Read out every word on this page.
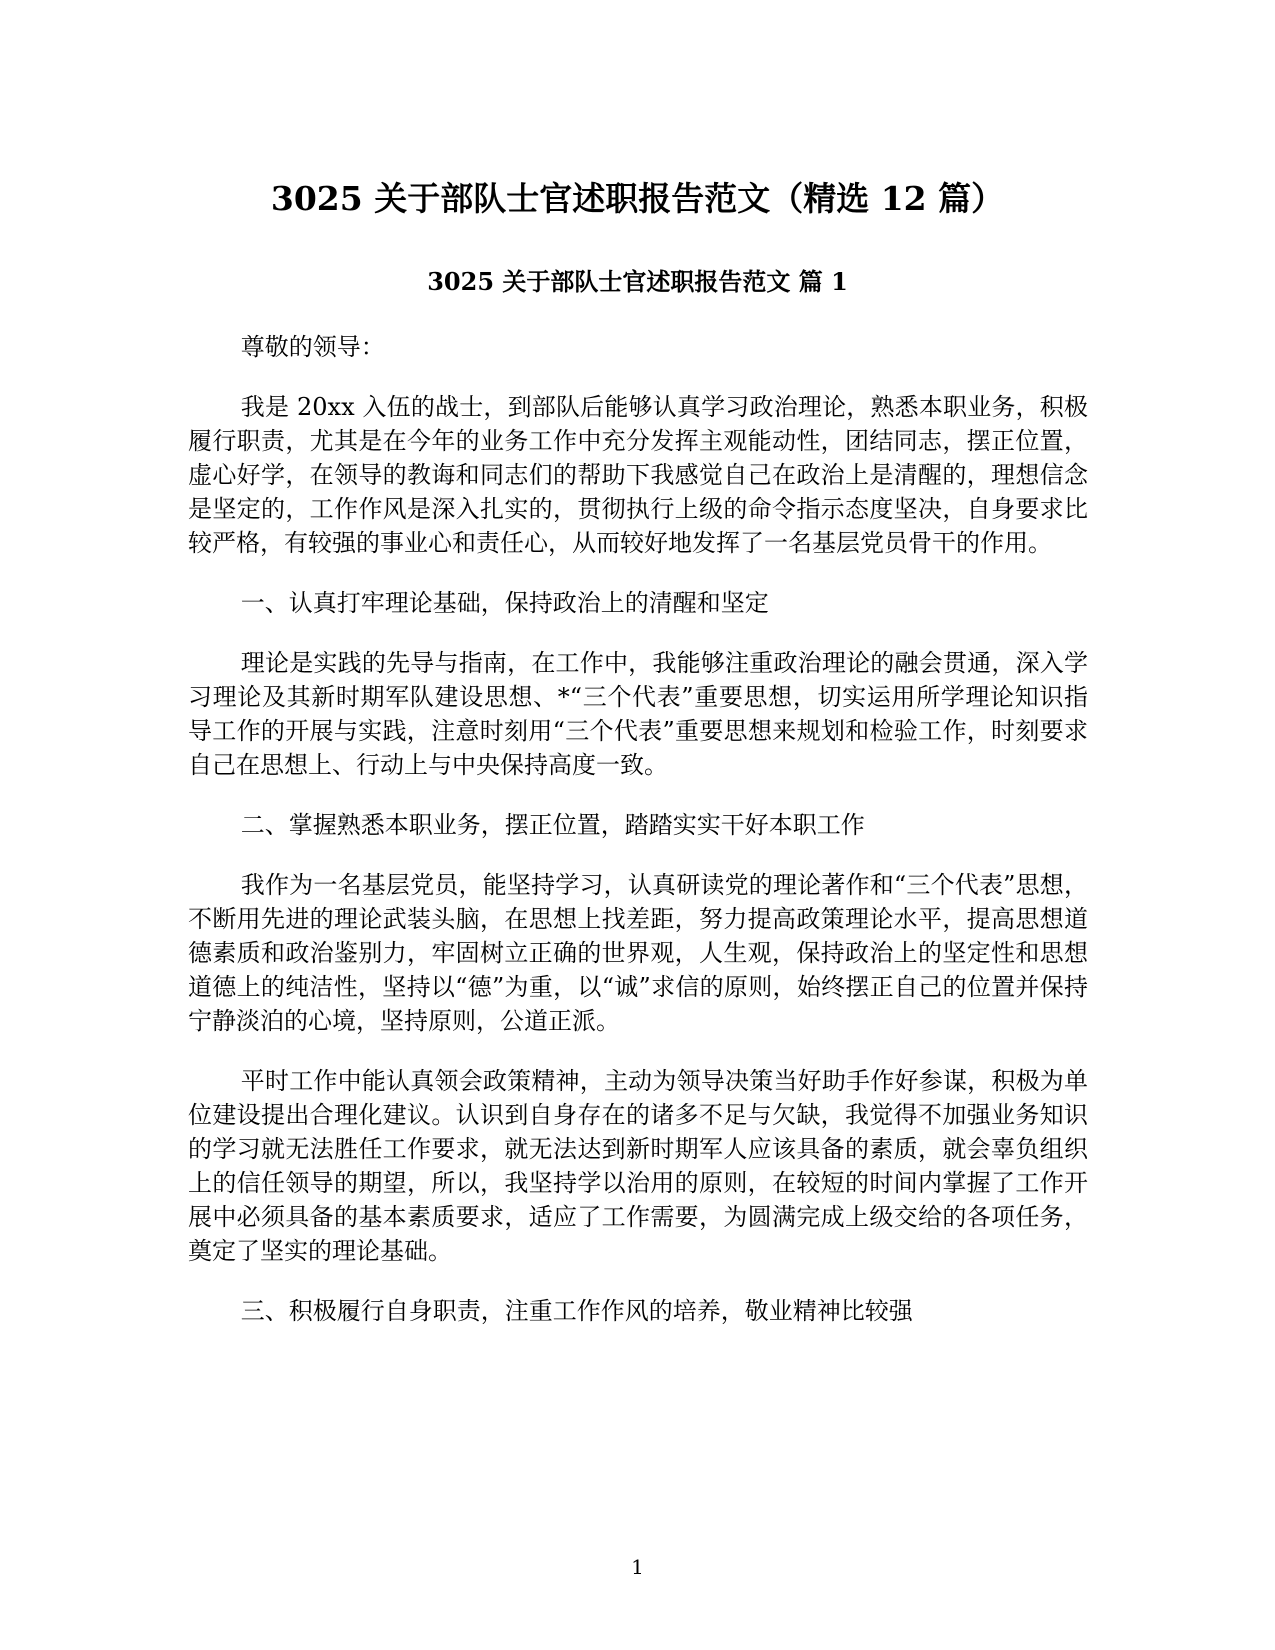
3025 关于部队士官述职报告范文（精选 12 篇）
3025 关于部队士官述职报告范文 篇 1

尊敬的领导：

我是 20xx 入伍的战士，到部队后能够认真学习政治理论，熟悉本职业务，积极履行职责，尤其是在今年的业务工作中充分发挥主观能动性，团结同志，摆正位置，虚心好学，在领导的教诲和同志们的帮助下我感觉自己在政治上是清醒的，理想信念是坚定的，工作作风是深入扎实的，贯彻执行上级的命令指示态度坚决，自身要求比较严格，有较强的事业心和责任心，从而较好地发挥了一名基层党员骨干的作用。

一、认真打牢理论基础，保持政治上的清醒和坚定

理论是实践的先导与指南，在工作中，我能够注重政治理论的融会贯通，深入学习理论及其新时期军队建设思想、*“三个代表”重要思想，切实运用所学理论知识指导工作的开展与实践，注意时刻用“三个代表”重要思想来规划和检验工作，时刻要求自己在思想上、行动上与中央保持高度一致。

二、掌握熟悉本职业务，摆正位置，踏踏实实干好本职工作

我作为一名基层党员，能坚持学习，认真研读党的理论著作和“三个代表”思想，不断用先进的理论武装头脑，在思想上找差距，努力提高政策理论水平，提高思想道德素质和政治鉴别力，牢固树立正确的世界观，人生观，保持政治上的坚定性和思想道德上的纯洁性，坚持以“德”为重，以“诚”求信的原则，始终摆正自己的位置并保持宁静淡泊的心境，坚持原则，公道正派。

平时工作中能认真领会政策精神，主动为领导决策当好助手作好参谋，积极为单位建设提出合理化建议。认识到自身存在的诸多不足与欠缺，我觉得不加强业务知识的学习就无法胜任工作要求，就无法达到新时期军人应该具备的素质，就会辜负组织上的信任领导的期望，所以，我坚持学以治用的原则，在较短的时间内掌握了工作开展中必须具备的基本素质要求，适应了工作需要，为圆满完成上级交给的各项任务，奠定了坚实的理论基础。

三、积极履行自身职责，注重工作作风的培养，敬业精神比较强

1
